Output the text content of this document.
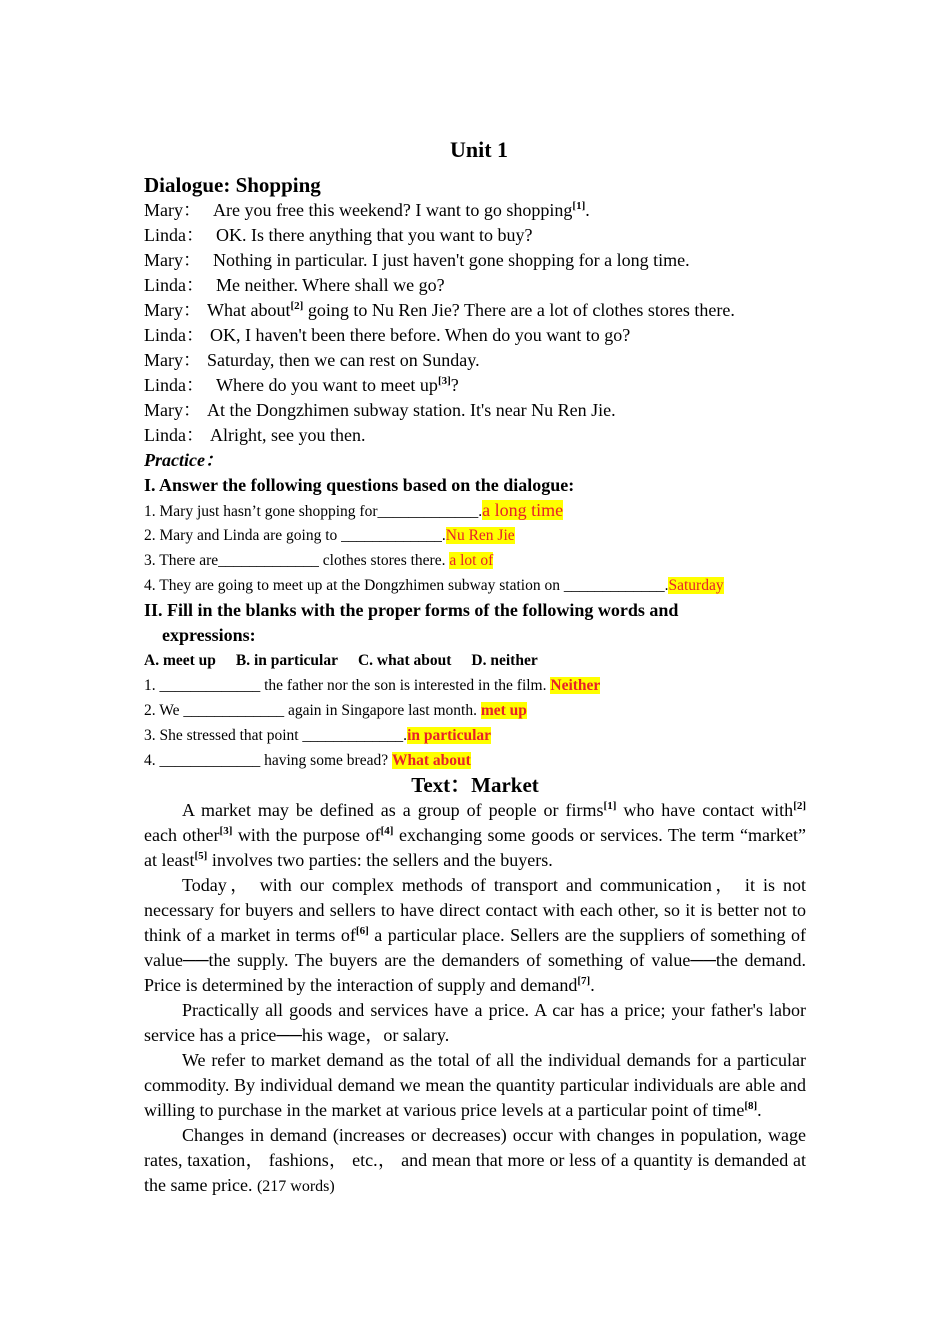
Unit 1
Dialogue: Shopping
Mary： Are you free this weekend? I want to go shopping[1].
Linda： OK. Is there anything that you want to buy?
Mary： Nothing in particular. I just haven't gone shopping for a long time.
Linda： Me neither. Where shall we go?
Mary： What about[2] going to Nu Ren Jie? There are a lot of clothes stores there.
Linda： OK, I haven't been there before. When do you want to go?
Mary： Saturday, then we can rest on Sunday.
Linda： Where do you want to meet up[3]?
Mary： At the Dongzhimen subway station. It's near Nu Ren Jie.
Linda： Alright, see you then.
Practice：
I. Answer the following questions based on the dialogue:
1. Mary just hasn’t gone shopping for_____________.a long time
2. Mary and Linda are going to _____________.Nu Ren Jie
3. There are_____________ clothes stores there. a lot of
4. They are going to meet up at the Dongzhimen subway station on _____________.Saturday
II. Fill in the blanks with the proper forms of the following words and
expressions:
A. meet up B. in particular C. what about D. neither
1. _____________ the father nor the son is interested in the film. Neither
2. We _____________ again in Singapore last month. met up
3. She stressed that point _____________.in particular
4. _____________ having some bread? What about
Text：Market
A market may be defined as a group of people or firms[1] who have contact with[2] each other[3] with the purpose of[4] exchanging some goods or services. The term “market” at least[5] involves two parties: the sellers and the buyers.
Today， with our complex methods of transport and communication， it is not necessary for buyers and sellers to have direct contact with each other, so it is better not to think of a market in terms of[6] a particular place. Sellers are the suppliers of something of value──the supply. The buyers are the demanders of something of value──the demand. Price is determined by the interaction of supply and demand[7].
Practically all goods and services have a price. A car has a price; your father's labor service has a price──his wage，or salary.
We refer to market demand as the total of all the individual demands for a particular commodity. By individual demand we mean the quantity particular individuals are able and willing to purchase in the market at various price levels at a particular point of time[8].
Changes in demand (increases or decreases) occur with changes in population, wage rates, taxation， fashions， etc.， and mean that more or less of a quantity is demanded at the same price. (217 words)
